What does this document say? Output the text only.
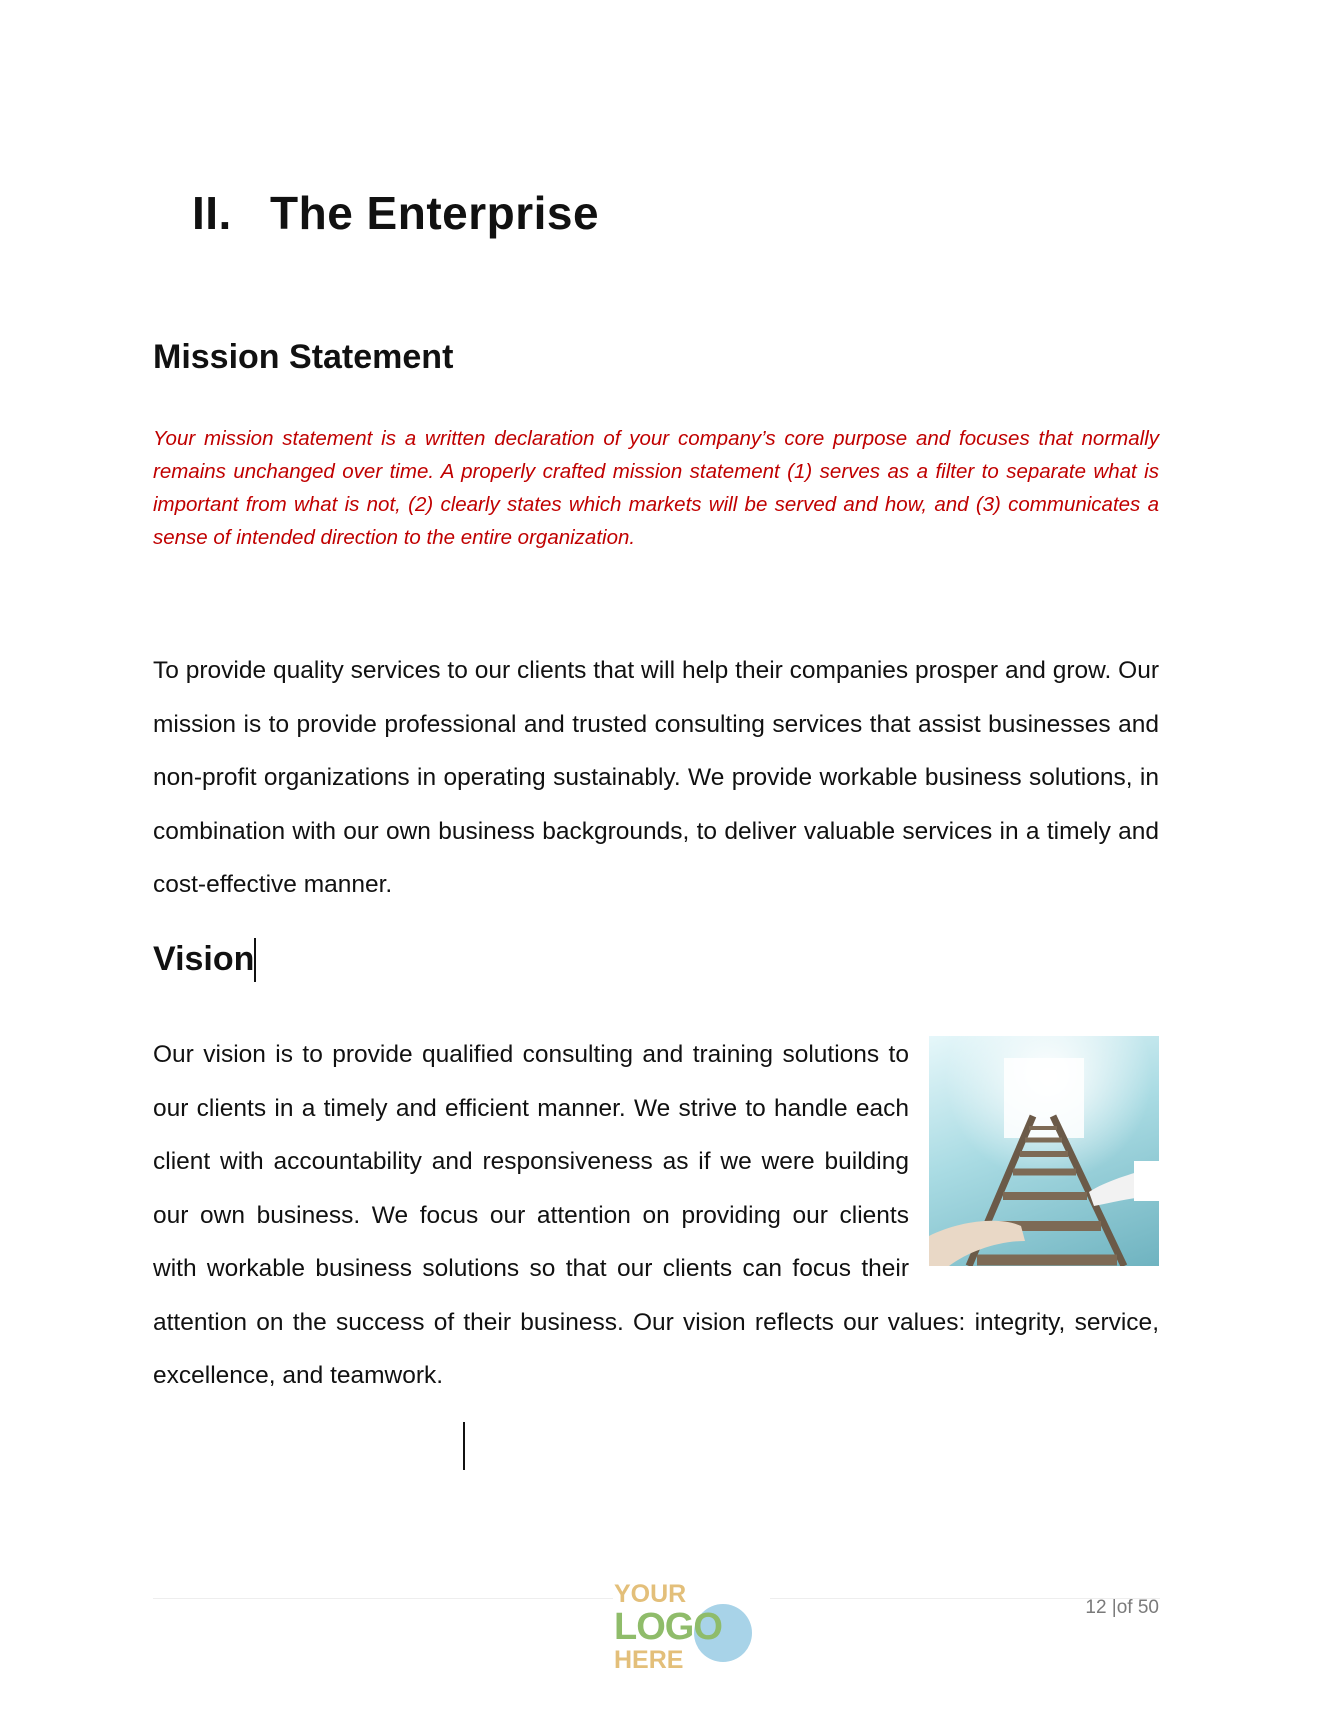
II. The Enterprise
Mission Statement

Your mission statement is a written declaration of your company’s core purpose and focuses that normally remains unchanged over time. A properly crafted mission statement (1) serves as a filter to separate what is important from what is not, (2) clearly states which markets will be served and how, and (3) communicates a sense of intended direction to the entire organization.

To provide quality services to our clients that will help their companies prosper and grow. Our mission is to provide professional and trusted consulting services that assist businesses and non-profit organizations in operating sustainably. We provide workable business solutions, in combination with our own business backgrounds, to deliver valuable services in a timely and cost-effective manner.

Vision

Our vision is to provide qualified consulting and training solutions to our clients in a timely and efficient manner. We strive to handle each client with accountability and responsiveness as if we were building our own business. We focus our attention on providing our clients with workable business solutions so that our clients can focus their attention on the success of their business. Our vision reflects our values: integrity, service, excellence, and teamwork.

YOUR
LOGO
HERE
12 |of 50
